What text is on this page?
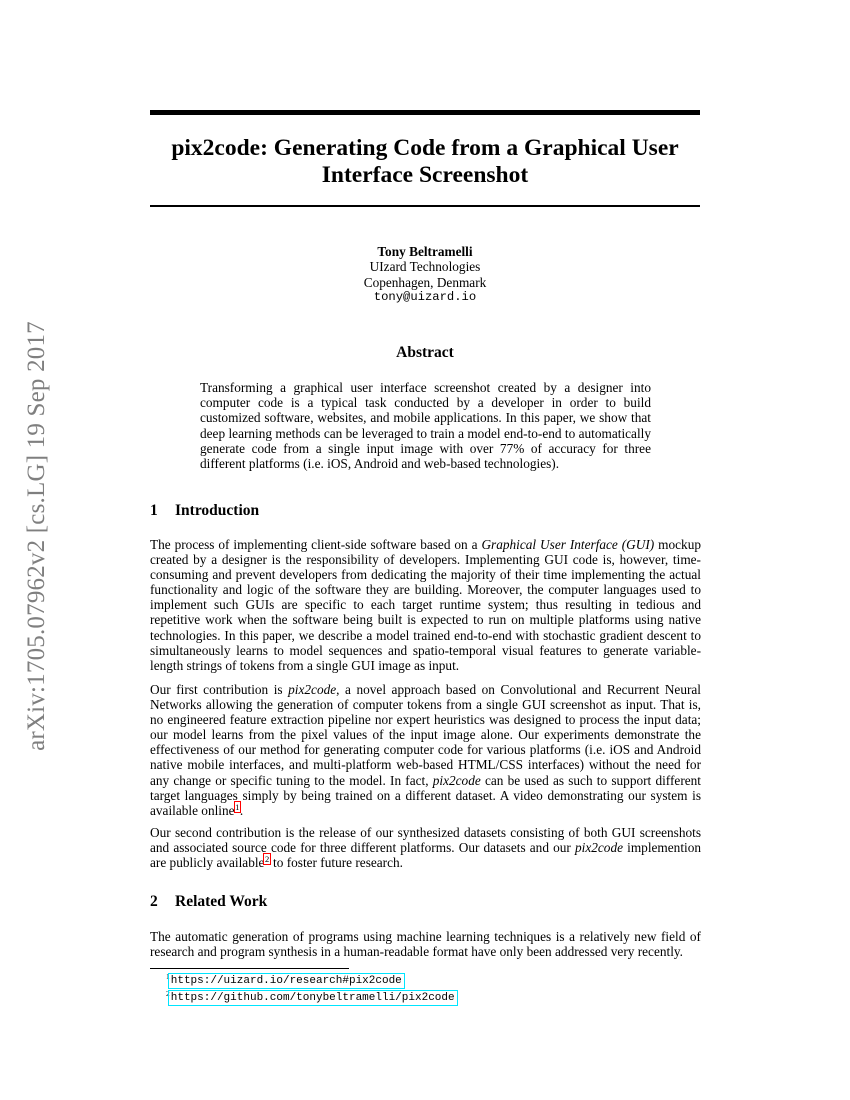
arXiv:1705.07962v2 [cs.LG] 19 Sep 2017
pix2code: Generating Code from a Graphical User
Interface Screenshot
Tony Beltramelli
UIzard Technologies
Copenhagen, Denmark
tony@uizard.io
Abstract

Transforming a graphical user interface screenshot created by a designer into computer code is a typical task conducted by a developer in order to build customized software, websites, and mobile applications. In this paper, we show that deep learning methods can be leveraged to train a model end-to-end to automatically generate code from a single input image with over 77% of accuracy for three different platforms (i.e. iOS, Android and web-based technologies).

1 Introduction

The process of implementing client-side software based on a Graphical User Interface (GUI) mockup created by a designer is the responsibility of developers. Implementing GUI code is, however, time-consuming and prevent developers from dedicating the majority of their time implementing the actual functionality and logic of the software they are building. Moreover, the computer languages used to implement such GUIs are specific to each target runtime system; thus resulting in tedious and repetitive work when the software being built is expected to run on multiple platforms using native technologies. In this paper, we describe a model trained end-to-end with stochastic gradient descent to simultaneously learns to model sequences and spatio-temporal visual features to generate variable-length strings of tokens from a single GUI image as input.

Our first contribution is pix2code, a novel approach based on Convolutional and Recurrent Neural Networks allowing the generation of computer tokens from a single GUI screenshot as input. That is, no engineered feature extraction pipeline nor expert heuristics was designed to process the input data; our model learns from the pixel values of the input image alone. Our experiments demonstrate the effectiveness of our method for generating computer code for various platforms (i.e. iOS and Android native mobile interfaces, and multi-platform web-based HTML/CSS interfaces) without the need for any change or specific tuning to the model. In fact, pix2code can be used as such to support different target languages simply by being trained on a different dataset. A video demonstrating our system is available online$^1$.

Our second contribution is the release of our synthesized datasets consisting of both GUI screenshots and associated source code for three different platforms. Our datasets and our pix2code implemention are publicly available$^2$ to foster future research.

2 Related Work

The automatic generation of programs using machine learning techniques is a relatively new field of research and program synthesis in a human-readable format have only been addressed very recently.

$^1$https://uizard.io/research#pix2code
$^2$https://github.com/tonybeltramelli/pix2code
